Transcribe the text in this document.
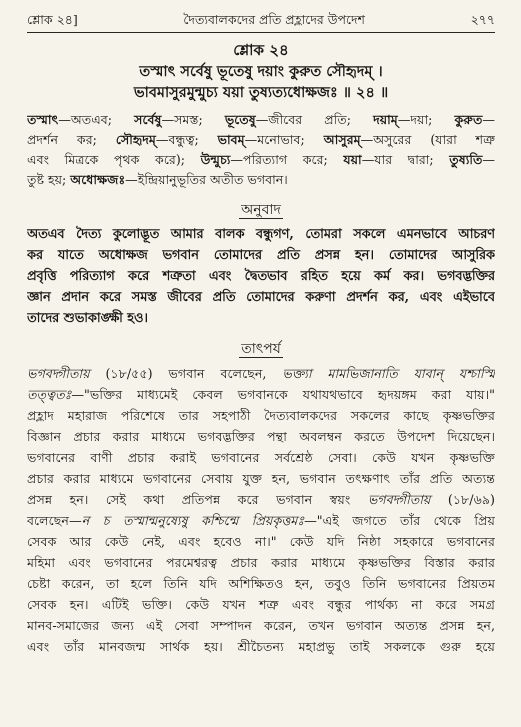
শ্লোক ২৪]	দৈত্যবালকদের প্রতি প্রহ্লাদের উপদেশ	২৭৭
শ্লোক ২৪
তস্মাৎ সর্বেষু ভূতেষু দয়াং কুরুত সৌহৃদম্ ।
ভাবমাসুরমুন্মুচ্য যয়া তুষ্যত্যধোক্ষজঃ ॥ ২৪ ॥
তস্মাৎ—অতএব; সর্বেষু—সমস্ত; ভূতেষু—জীবের প্রতি; দয়াম্—দয়া; কুরুত—
প্রদর্শন কর; সৌহৃদম্—বন্ধুত্ব; ভাবম্—মনোভাব; আসুরম্—অসুরের (যারা শত্রু
এবং মিত্রকে পৃথক করে); উন্মুচ্য—পরিত্যাগ করে; যয়া—যার দ্বারা; তুষ্যতি—
তুষ্ট হয়; অধোক্ষজঃ—ইন্দ্রিয়ানুভূতির অতীত ভগবান।
অনুবাদ
অতএব দৈত্য কুলোদ্ভূত আমার বালক বন্ধুগণ, তোমরা সকলে এমনভাবে আচরণ
কর যাতে অধোক্ষজ ভগবান তোমাদের প্রতি প্রসন্ন হন। তোমাদের আসুরিক
প্রবৃত্তি পরিত্যাগ করে শত্রুতা এবং দ্বৈতভাব রহিত হয়ে কর্ম কর। ভগবদ্ভক্তির
জ্ঞান প্রদান করে সমস্ত জীবের প্রতি তোমাদের করুণা প্রদর্শন কর, এবং এইভাবে
তাদের শুভাকাঙ্ক্ষী হও।
তাৎপর্য
ভগবদ্গীতায় (১৮/৫৫) ভগবান বলেছেন, ভক্ত্যা মামভিজানাতি যাবান্ যশ্চাস্মি
তত্ত্বতঃ—"ভক্তির মাধ্যমেই কেবল ভগবানকে যথাযথভাবে হৃদয়ঙ্গম করা যায়।"
প্রহ্লাদ মহারাজ পরিশেষে তার সহপাঠী দৈত্যবালকদের সকলের কাছে কৃষ্ণভক্তির
বিজ্ঞান প্রচার করার মাধ্যমে ভগবদ্ভক্তির পন্থা অবলম্বন করতে উপদেশ দিয়েছেন।
ভগবানের বাণী প্রচার করাই ভগবানের সর্বশ্রেষ্ঠ সেবা। কেউ যখন কৃষ্ণভক্তি
প্রচার করার মাধ্যমে ভগবানের সেবায় যুক্ত হন, ভগবান তৎক্ষণাৎ তাঁর প্রতি অত্যন্ত
প্রসন্ন হন। সেই কথা প্রতিপন্ন করে ভগবান স্বয়ং ভগবদ্গীতায় (১৮/৬৯)
বলেছেন—ন চ তস্মান্মনুষ্যেষু কশ্চিন্মে প্রিয়কৃত্তমঃ—"এই জগতে তাঁর থেকে প্রিয়
সেবক আর কেউ নেই, এবং হবেও না।" কেউ যদি নিষ্ঠা সহকারে ভগবানের
মহিমা এবং ভগবানের পরমেশ্বরত্ব প্রচার করার মাধ্যমে কৃষ্ণভক্তির বিস্তার করার
চেষ্টা করেন, তা হলে তিনি যদি অশিক্ষিতও হন, তবুও তিনি ভগবানের প্রিয়তম
সেবক হন। এটিই ভক্তি। কেউ যখন শত্রু এবং বন্ধুর পার্থক্য না করে সমগ্র
মানব-সমাজের জন্য এই সেবা সম্পাদন করেন, তখন ভগবান অত্যন্ত প্রসন্ন হন,
এবং তাঁর মানবজন্ম সার্থক হয়। শ্রীচৈতন্য মহাপ্রভু তাই সকলকে গুরু হয়ে
